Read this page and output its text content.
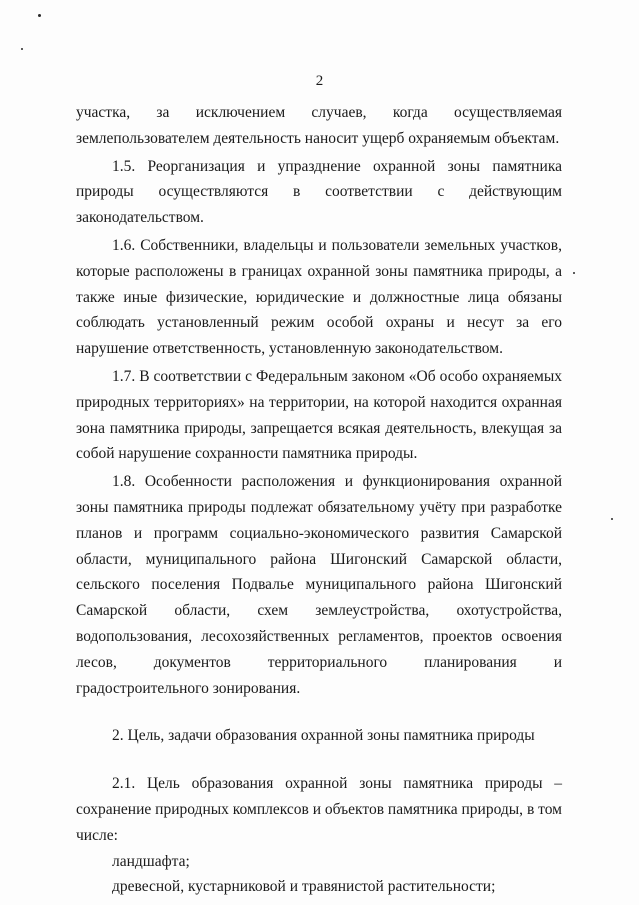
2

участка, за исключением случаев, когда осуществляемая землепользователем деятельность наносит ущерб охраняемым объектам.

1.5. Реорганизация и упразднение охранной зоны памятника природы осуществляются в соответствии с действующим законодательством.

1.6. Собственники, владельцы и пользователи земельных участков, которые расположены в границах охранной зоны памятника природы, а также иные физические, юридические и должностные лица обязаны соблюдать установленный режим особой охраны и несут за его нарушение ответственность, установленную законодательством.

1.7. В соответствии с Федеральным законом «Об особо охраняемых природных территориях» на территории, на которой находится охранная зона памятника природы, запрещается всякая деятельность, влекущая за собой нарушение сохранности памятника природы.

1.8. Особенности расположения и функционирования охранной зоны памятника природы подлежат обязательному учёту при разработке планов и программ социально-экономического развития Самарской области, муниципального района Шигонский Самарской области, сельского поселения Подвалье муниципального района Шигонский Самарской области, схем землеустройства, охотустройства, водопользования, лесохозяйственных регламентов, проектов освоения лесов, документов территориального планирования и градостроительного зонирования.

2. Цель, задачи образования охранной зоны памятника природы

2.1. Цель образования охранной зоны памятника природы – сохранение природных комплексов и объектов памятника природы, в том числе:

ландшафта;

древесной, кустарниковой и травянистой растительности;
